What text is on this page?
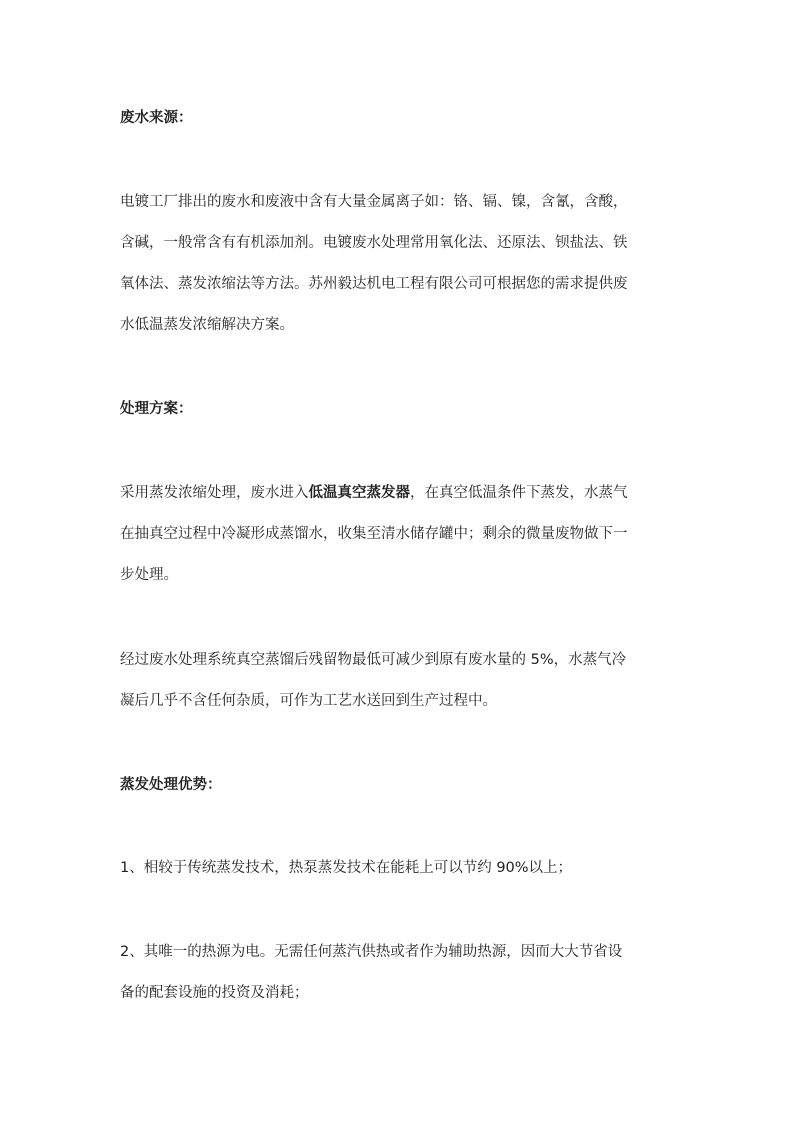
废水来源：
电镀工厂排出的废水和废液中含有大量金属离子如：铬、镉、镍，含氰，含酸，
含碱，一般常含有有机添加剂。电镀废水处理常用氧化法、还原法、钡盐法、铁
氧体法、蒸发浓缩法等方法。苏州毅达机电工程有限公司可根据您的需求提供废
水低温蒸发浓缩解决方案。
处理方案：
采用蒸发浓缩处理，废水进入低温真空蒸发器，在真空低温条件下蒸发，水蒸气
在抽真空过程中冷凝形成蒸馏水，收集至清水储存罐中；剩余的微量废物做下一
步处理。
经过废水处理系统真空蒸馏后残留物最低可减少到原有废水量的 5%，水蒸气冷
凝后几乎不含任何杂质，可作为工艺水送回到生产过程中。
蒸发处理优势：
1、相较于传统蒸发技术，热泵蒸发技术在能耗上可以节约 90%以上；
2、其唯一的热源为电。无需任何蒸汽供热或者作为辅助热源，因而大大节省设
备的配套设施的投资及消耗；
